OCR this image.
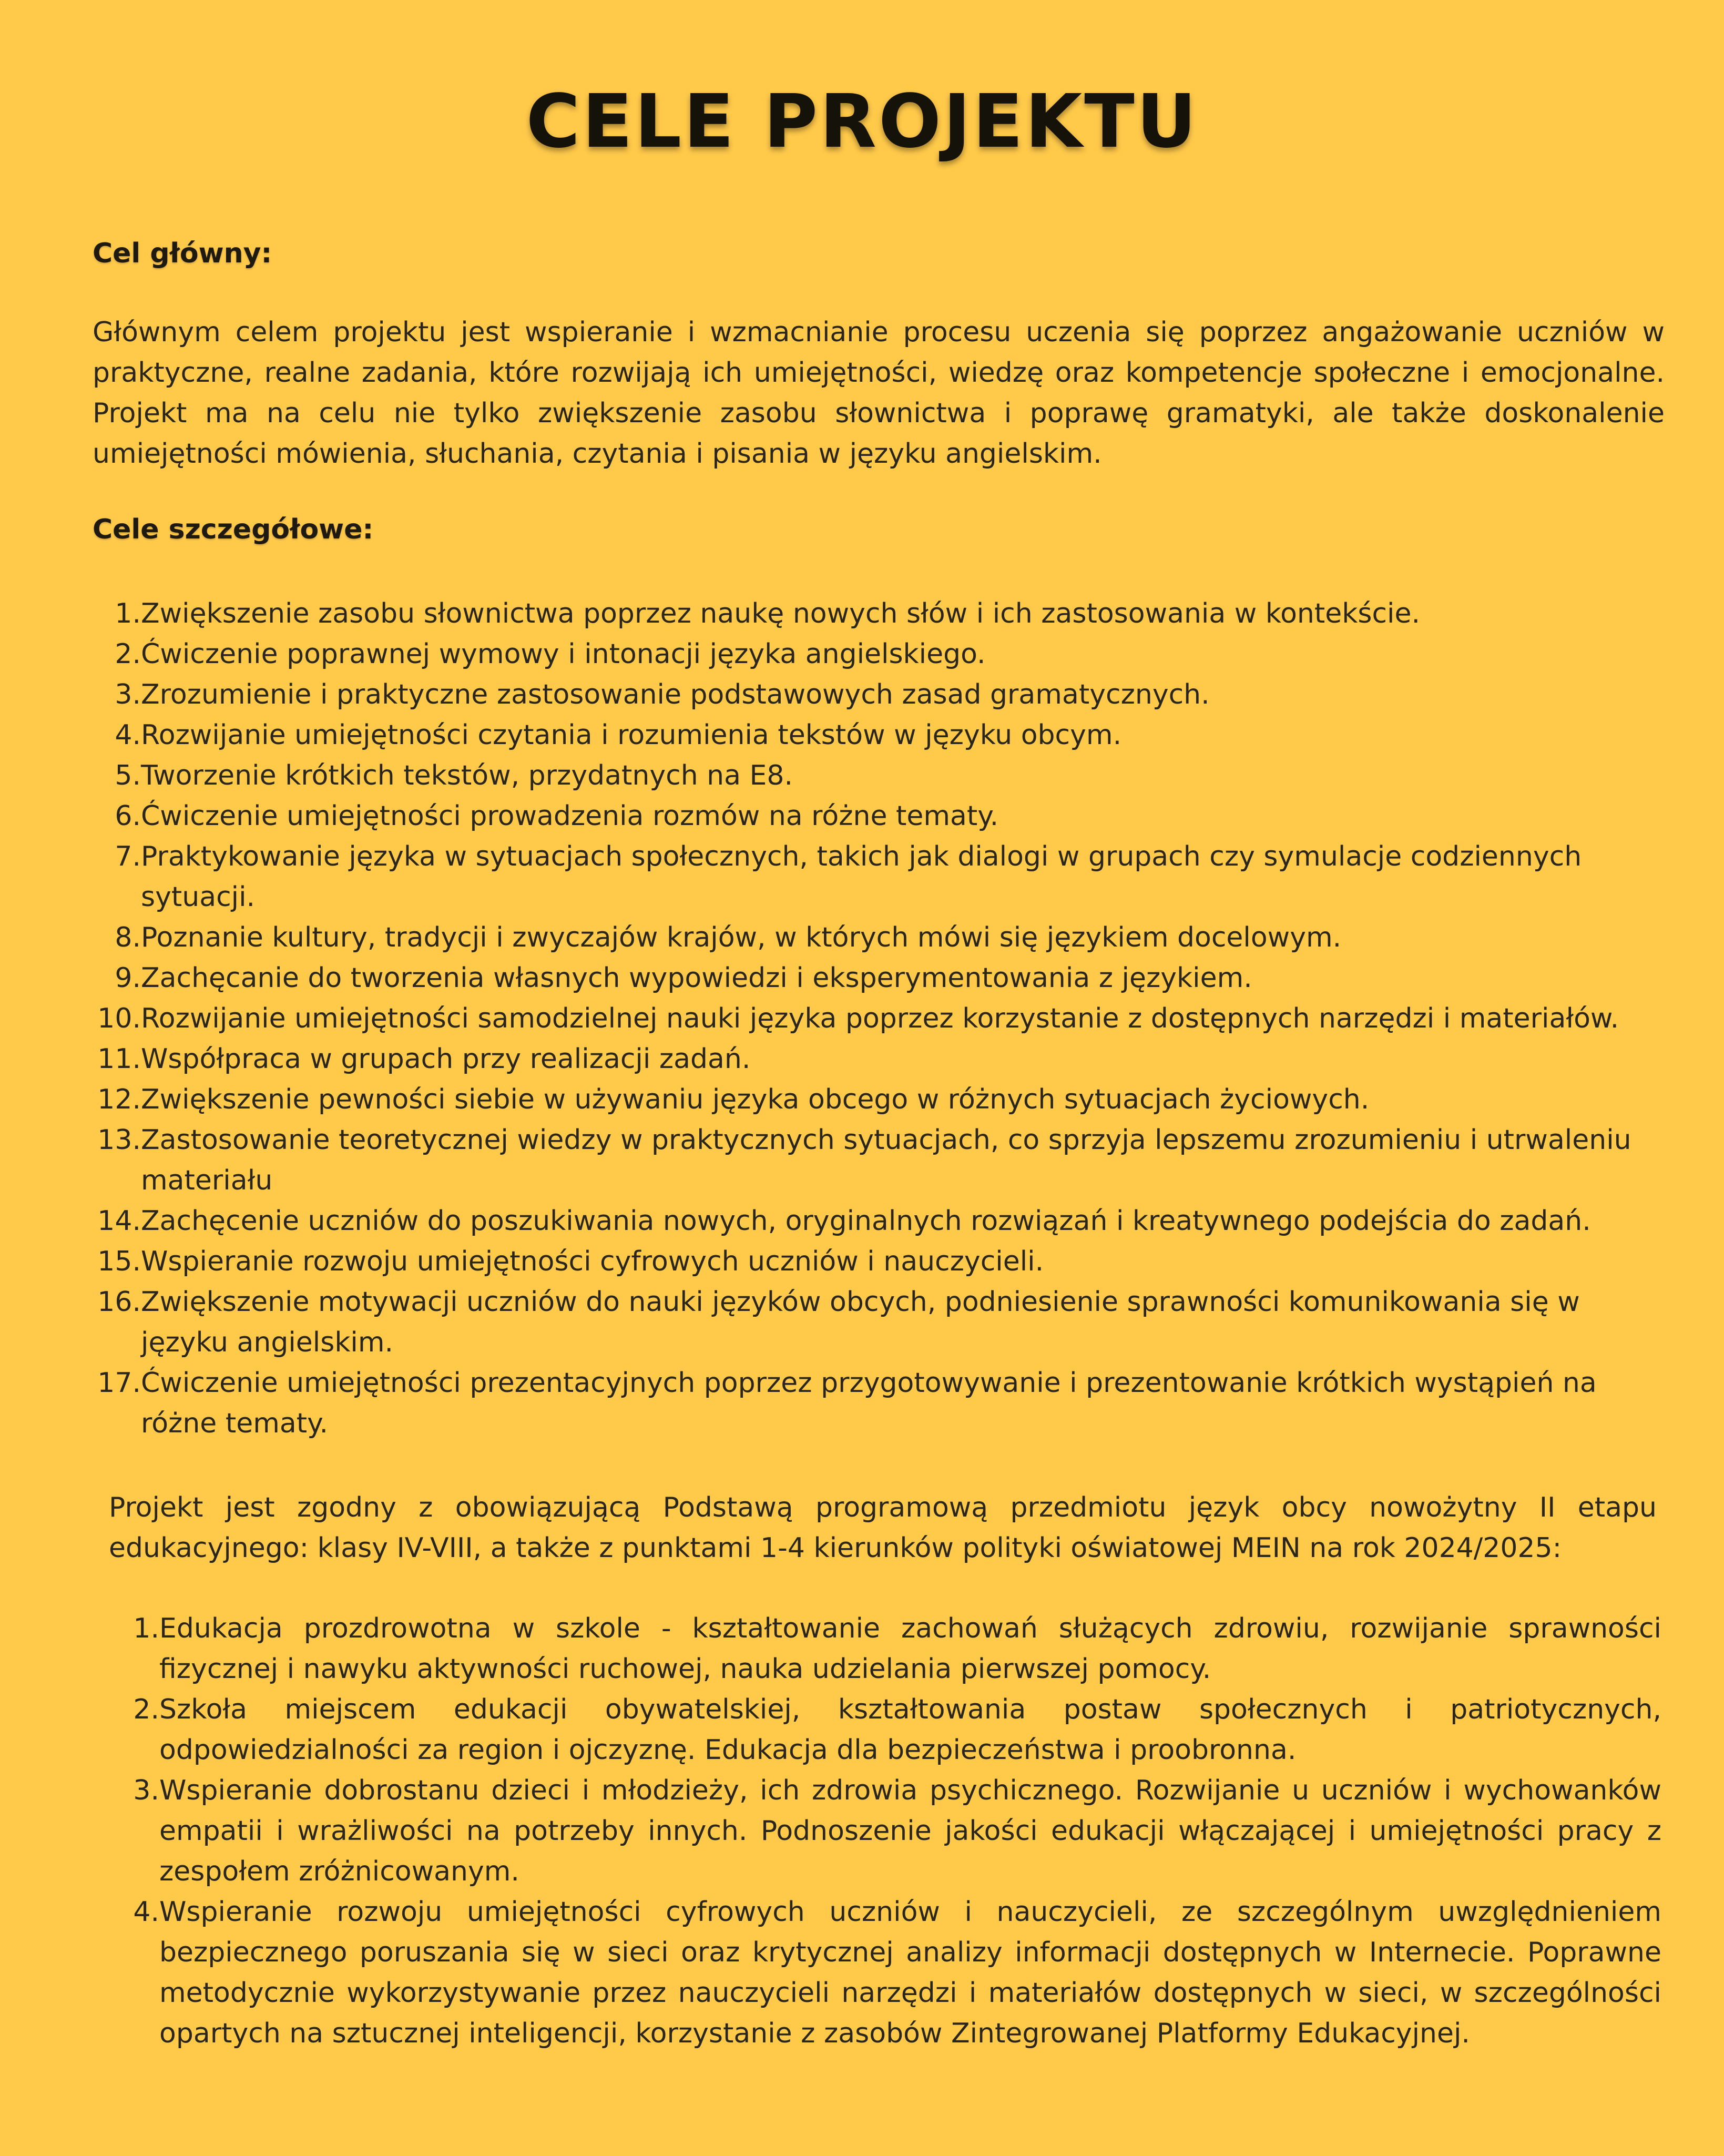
CELE PROJEKTU
Cel główny:

Głównym celem projektu jest wspieranie i wzmacnianie procesu uczenia się poprzez angażowanie uczniów w praktyczne, realne zadania, które rozwijają ich umiejętności, wiedzę oraz kompetencje społeczne i emocjonalne. Projekt ma na celu nie tylko zwiększenie zasobu słownictwa i poprawę gramatyki, ale także doskonalenie umiejętności mówienia, słuchania, czytania i pisania w języku angielskim.

Cele szczegółowe:
1. Zwiększenie zasobu słownictwa poprzez naukę nowych słów i ich zastosowania w kontekście.
2. Ćwiczenie poprawnej wymowy i intonacji języka angielskiego.
3. Zrozumienie i praktyczne zastosowanie podstawowych zasad gramatycznych.
4. Rozwijanie umiejętności czytania i rozumienia tekstów w języku obcym.
5. Tworzenie krótkich tekstów, przydatnych na E8.
6. Ćwiczenie umiejętności prowadzenia rozmów na różne tematy.
7. Praktykowanie języka w sytuacjach społecznych, takich jak dialogi w grupach czy symulacje codziennych sytuacji.
8. Poznanie kultury, tradycji i zwyczajów krajów, w których mówi się językiem docelowym.
9. Zachęcanie do tworzenia własnych wypowiedzi i eksperymentowania z językiem.
10. Rozwijanie umiejętności samodzielnej nauki języka poprzez korzystanie z dostępnych narzędzi i materiałów.
11. Współpraca w grupach przy realizacji zadań.
12. Zwiększenie pewności siebie w używaniu języka obcego w różnych sytuacjach życiowych.
13. Zastosowanie teoretycznej wiedzy w praktycznych sytuacjach, co sprzyja lepszemu zrozumieniu i utrwaleniu materiału
14. Zachęcenie uczniów do poszukiwania nowych, oryginalnych rozwiązań i kreatywnego podejścia do zadań.
15. Wspieranie rozwoju umiejętności cyfrowych uczniów i nauczycieli.
16. Zwiększenie motywacji uczniów do nauki języków obcych, podniesienie sprawności komunikowania się w języku angielskim.
17. Ćwiczenie umiejętności prezentacyjnych poprzez przygotowywanie i prezentowanie krótkich wystąpień na różne tematy.

Projekt jest zgodny z obowiązującą Podstawą programową przedmiotu język obcy nowożytny II etapu edukacyjnego: klasy IV-VIII, a także z punktami 1-4 kierunków polityki oświatowej MEIN na rok 2024/2025:

1. Edukacja prozdrowotna w szkole - kształtowanie zachowań służących zdrowiu, rozwijanie sprawności fizycznej i nawyku aktywności ruchowej, nauka udzielania pierwszej pomocy.
2. Szkoła miejscem edukacji obywatelskiej, kształtowania postaw społecznych i patriotycznych, odpowiedzialności za region i ojczyznę. Edukacja dla bezpieczeństwa i proobronna.
3. Wspieranie dobrostanu dzieci i młodzieży, ich zdrowia psychicznego. Rozwijanie u uczniów i wychowanków empatii i wrażliwości na potrzeby innych. Podnoszenie jakości edukacji włączającej i umiejętności pracy z zespołem zróżnicowanym.
4. Wspieranie rozwoju umiejętności cyfrowych uczniów i nauczycieli, ze szczególnym uwzględnieniem bezpiecznego poruszania się w sieci oraz krytycznej analizy informacji dostępnych w Internecie. Poprawne metodycznie wykorzystywanie przez nauczycieli narzędzi i materiałów dostępnych w sieci, w szczególności opartych na sztucznej inteligencji, korzystanie z zasobów Zintegrowanej Platformy Edukacyjnej.
